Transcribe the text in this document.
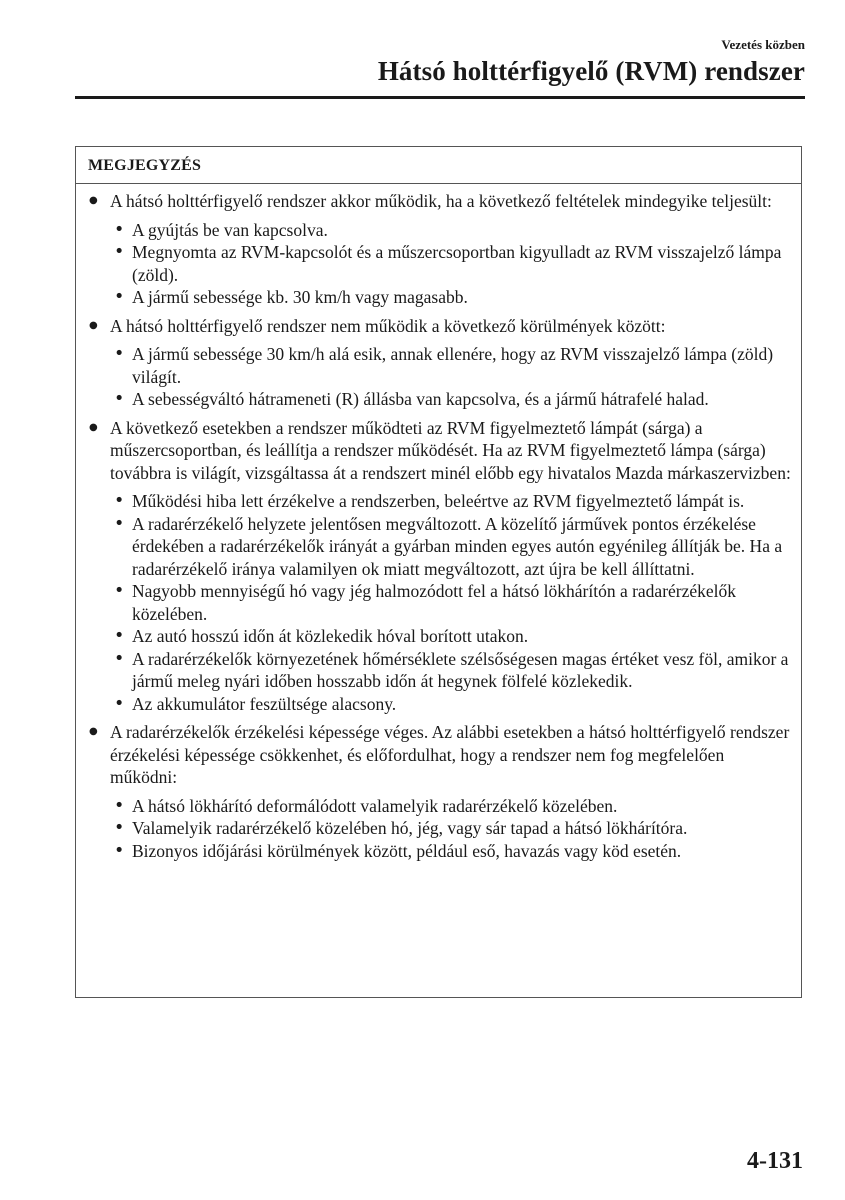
Vezetés közben
Hátsó holttérfigyelő (RVM) rendszer
MEGJEGYZÉS
● A hátsó holttérfigyelő rendszer akkor működik, ha a következő feltételek mindegyike teljesült:
• A gyújtás be van kapcsolva.
• Megnyomta az RVM-kapcsolót és a műszercsoportban kigyulladt az RVM visszajelző lámpa (zöld).
• A jármű sebessége kb. 30 km/h vagy magasabb.
● A hátsó holttérfigyelő rendszer nem működik a következő körülmények között:
• A jármű sebessége 30 km/h alá esik, annak ellenére, hogy az RVM visszajelző lámpa (zöld) világít.
• A sebességváltó hátrameneti (R) állásba van kapcsolva, és a jármű hátrafelé halad.
● A következő esetekben a rendszer működteti az RVM figyelmeztető lámpát (sárga) a műszercsoportban, és leállítja a rendszer működését. Ha az RVM figyelmeztető lámpa (sárga) továbbra is világít, vizsgáltassa át a rendszert minél előbb egy hivatalos Mazda márkaszervizben:
• Működési hiba lett érzékelve a rendszerben, beleértve az RVM figyelmeztető lámpát is.
• A radarérzékelő helyzete jelentősen megváltozott. A közelítő járművek pontos érzékelése érdekében a radarérzékelők irányát a gyárban minden egyes autón egyénileg állítják be. Ha a radarérzékelő iránya valamilyen ok miatt megváltozott, azt újra be kell állíttatni.
• Nagyobb mennyiségű hó vagy jég halmozódott fel a hátsó lökhárítón a radarérzékelők közelében.
• Az autó hosszú időn át közlekedik hóval borított utakon.
• A radarérzékelők környezetének hőmérséklete szélsőségesen magas értéket vesz föl, amikor a jármű meleg nyári időben hosszabb időn át hegynek fölfelé közlekedik.
• Az akkumulátor feszültsége alacsony.
● A radarérzékelők érzékelési képessége véges. Az alábbi esetekben a hátsó holttérfigyelő rendszer érzékelési képessége csökkenhet, és előfordulhat, hogy a rendszer nem fog megfelelően működni:
• A hátsó lökhárító deformálódott valamelyik radarérzékelő közelében.
• Valamelyik radarérzékelő közelében hó, jég, vagy sár tapad a hátsó lökhárítóra.
• Bizonyos időjárási körülmények között, például eső, havazás vagy köd esetén.
4-131
